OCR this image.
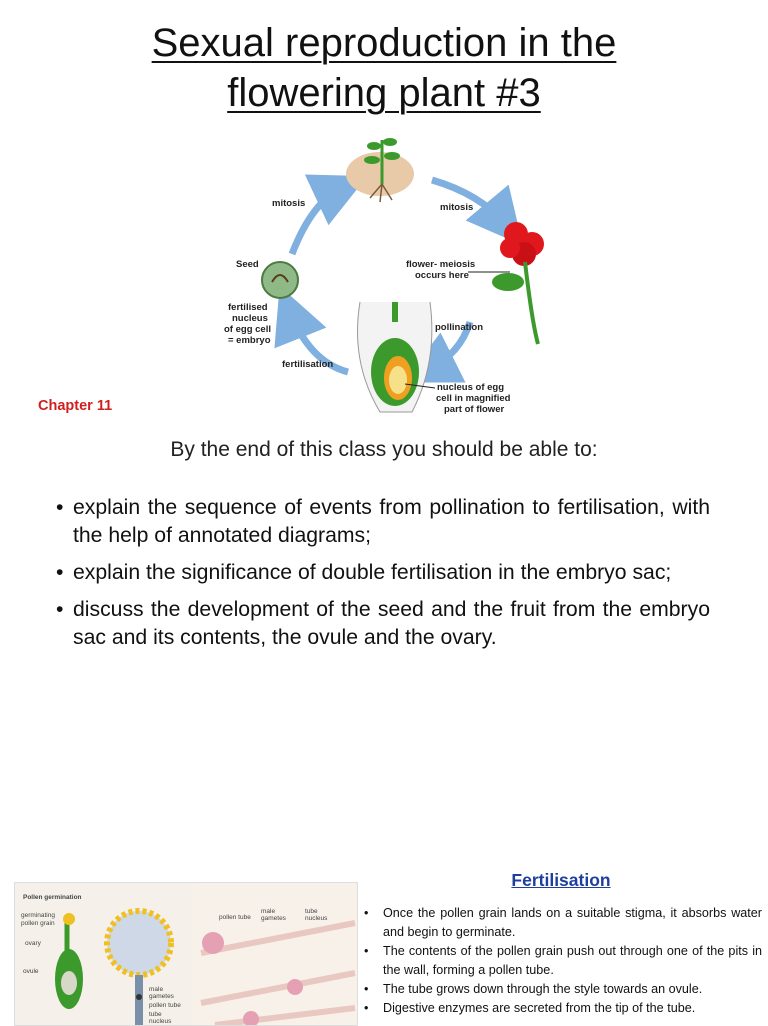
Sexual reproduction in the
flowering plant #3
mitosis	mitosis
Seed
fertilised
nucleus
of egg cell
= embryo
flower- meiosis
occurs here
pollination
fertilisation
nucleus of egg
cell in magnified
part of flower
Chapter 11
By the end of this class you should be able to:
• explain the sequence of events from pollination to fertilisation, with the help of annotated diagrams;
• explain the significance of double fertilisation in the embryo sac;
• discuss the development of the seed and the fruit from the embryo sac and its contents, the ovule and the ovary.
Pollen germination
germinating
pollen grain
ovary
ovule
male
gametes
pollen tube
tube
nucleus
pollen tube
male
gametes
tube
nucleus
Fertilisation
• Once the pollen grain lands on a suitable stigma, it absorbs water and begin to germinate.
• The contents of the pollen grain push out through one of the pits in the wall, forming a pollen tube.
• The tube grows down through the style towards an ovule.
• Digestive enzymes are secreted from the tip of the tube.
